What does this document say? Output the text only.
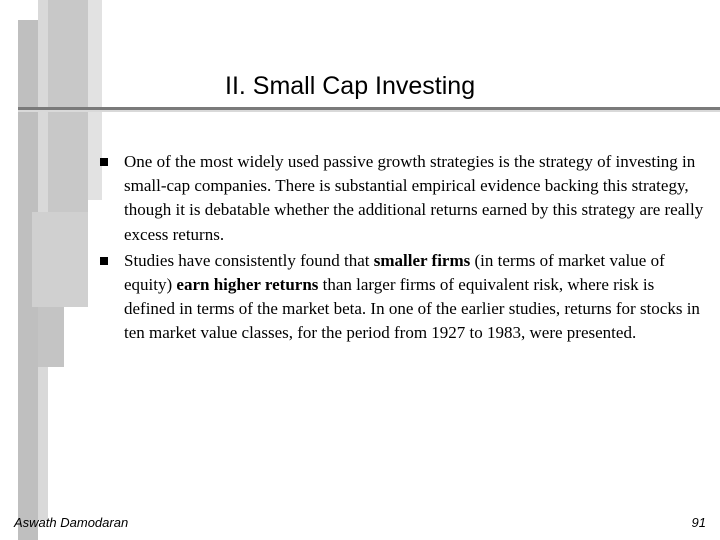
II. Small Cap Investing
One of the most widely used passive growth strategies is the strategy of investing in small-cap companies. There is substantial empirical evidence backing this strategy, though it is debatable whether the additional returns earned by this strategy are really excess returns.
Studies have consistently found that smaller firms (in terms of market value of equity) earn higher returns than larger firms of equivalent risk, where risk is defined in terms of the market beta. In one of the earlier studies, returns for stocks in ten market value classes, for the period from 1927 to 1983, were presented.
Aswath Damodaran	91
